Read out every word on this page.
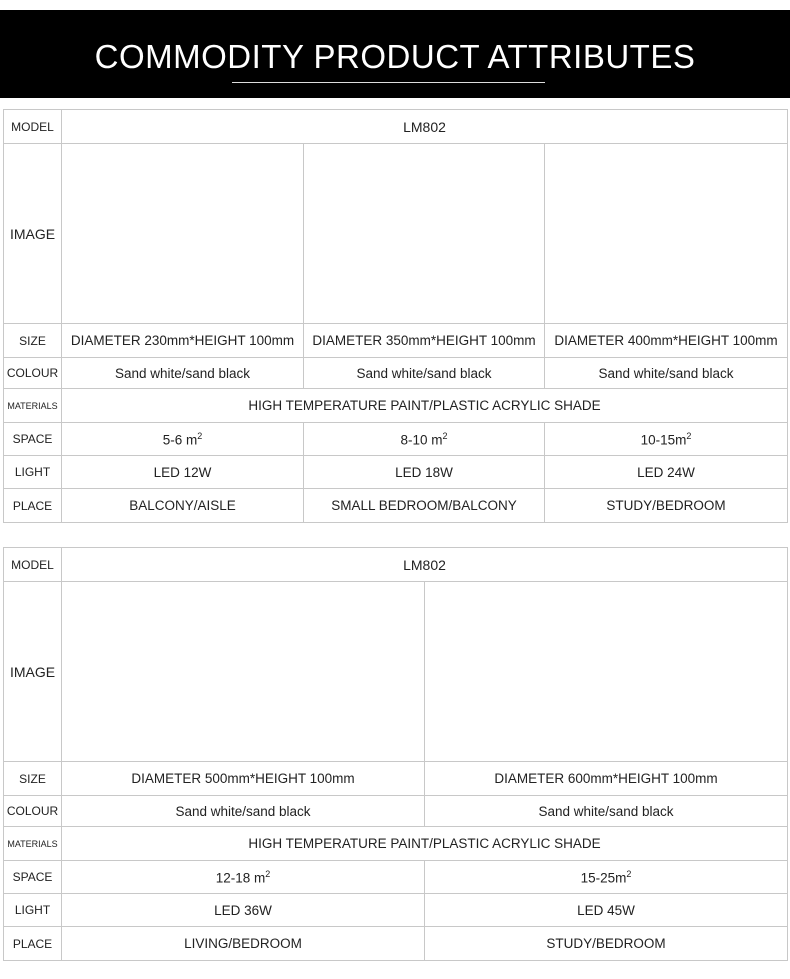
COMMODITY PRODUCT ATTRIBUTES
MODEL	LM802		
IMAGE	

SIZE	DIAMETER 230mm*HEIGHT 100mm	DIAMETER 350mm*HEIGHT 100mm	DIAMETER 400mm*HEIGHT 100mm
COLOUR	Sand white/sand black	Sand white/sand black	Sand white/sand black
MATERIALS	HIGH TEMPERATURE PAINT/PLASTIC ACRYLIC SHADE		
SPACE	5-6 $m^2$	8-10 $m^2$	$10-15m^2$
LIGHT	LED 12W	LED 18W	LED 24W
PLACE	BALCONY/AISLE	SMALL BEDROOM/BALCONY	STUDY/BEDROOM
MODEL	LM802	
IMAGE	

SIZE	DIAMETER 500mm*HEIGHT 100mm	DIAMETER 600mm*HEIGHT 100mm
COLOUR	Sand white/sand black	Sand white/sand black
MATERIALS	HIGH TEMPERATURE PAINT/PLASTIC ACRYLIC SHADE	
SPACE	12-18 $m^2$	$15-25m^2$
LIGHT	LED 36W	LED 45W
PLACE	LIVING/BEDROOM	STUDY/BEDROOM
